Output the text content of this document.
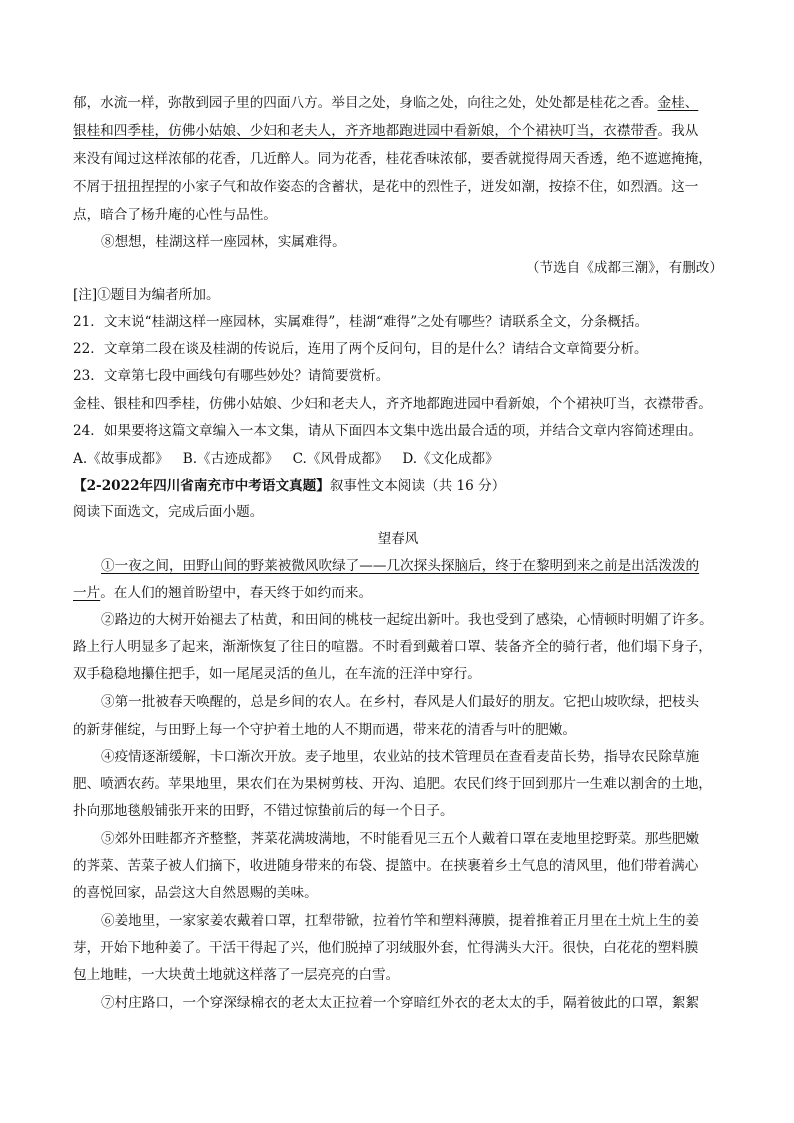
郁，水流一样，弥散到园子里的四面八方。举目之处，身临之处，向往之处，处处都是桂花之香。金桂、
银桂和四季桂，仿佛小姑娘、少妇和老夫人，齐齐地都跑进园中看新娘，个个裙袂叮当，衣襟带香。我从
来没有闻过这样浓郁的花香，几近醉人。同为花香，桂花香味浓郁，要香就搅得周天香透，绝不遮遮掩掩，
不屑于扭扭捏捏的小家子气和故作姿态的含蓄状，是花中的烈性子，迸发如潮，按捺不住，如烈酒。这一
点，暗合了杨升庵的心性与品性。
⑧想想，桂湖这样一座园林，实属难得。
（节选自《成都三潮》，有删改）
[注]①题目为编者所加。
21．文末说“桂湖这样一座园林，实属难得”，桂湖“难得”之处有哪些？请联系全文，分条概括。
22．文章第二段在谈及桂湖的传说后，连用了两个反问句，目的是什么？请结合文章简要分析。
23．文章第七段中画线句有哪些妙处？请简要赏析。
金桂、银桂和四季桂，仿佛小姑娘、少妇和老夫人，齐齐地都跑进园中看新娘，个个裙袂叮当，衣襟带香。
24．如果要将这篇文章编入一本文集，请从下面四本文集中选出最合适的项，并结合文章内容简述理由。
A.《故事成都》 B.《古迹成都》 C.《风骨成都》 D.《文化成都》
【2-2022年四川省南充市中考语文真题】叙事性文本阅读（共 16 分）
阅读下面选文，完成后面小题。
望春风
①一夜之间，田野山间的野莱被微风吹绿了——几次探头探脑后，终于在黎明到来之前是出活泼泼的
一片。在人们的翘首盼望中，春天终于如约而来。
②路边的大树开始褪去了枯黄，和田间的桃枝一起绽出新叶。我也受到了感染，心情顿时明媚了许多。
路上行人明显多了起来，渐渐恢复了往日的喧嚣。不时看到戴着口罩、装备齐全的骑行者，他们塌下身子，
双手稳稳地攥住把手，如一尾尾灵活的鱼儿，在车流的汪洋中穿行。
③第一批被春天唤醒的，总是乡间的农人。在乡村，春风是人们最好的朋友。它把山坡吹绿，把枝头
的新芽催绽，与田野上每一个守护着土地的人不期而遇，带来花的清香与叶的肥嫩。
④疫情逐渐缓解，卡口渐次开放。麦子地里，农业站的技术管理员在查看麦苗长势，指导农民除草施
肥、喷洒农药。苹果地里，果农们在为果树剪枝、开沟、追肥。农民们终于回到那片一生难以割舍的土地，
扑向那地毯般铺张开来的田野，不错过惊蛰前后的每一个日子。
⑤郊外田畦都齐齐整整，荠菜花满坡满地，不时能看见三五个人戴着口罩在麦地里挖野菜。那些肥嫩
的荠菜、苦菜子被人们摘下，收进随身带来的布袋、提篮中。在挟裹着乡土气息的清风里，他们带着满心
的喜悦回家，品尝这大自然恩赐的美味。
⑥姜地里，一家家姜农戴着口罩，扛犁带锨，拉着竹竿和塑料薄膜，提着推着正月里在土炕上生的姜
芽，开始下地种姜了。干活干得起了兴，他们脱掉了羽绒服外套，忙得满头大汗。很快，白花花的塑料膜
包上地畦，一大块黄土地就这样落了一层亮亮的白雪。
⑦村庄路口，一个穿深绿棉衣的老太太正拉着一个穿暗红外衣的老太太的手，隔着彼此的口罩，絮絮
